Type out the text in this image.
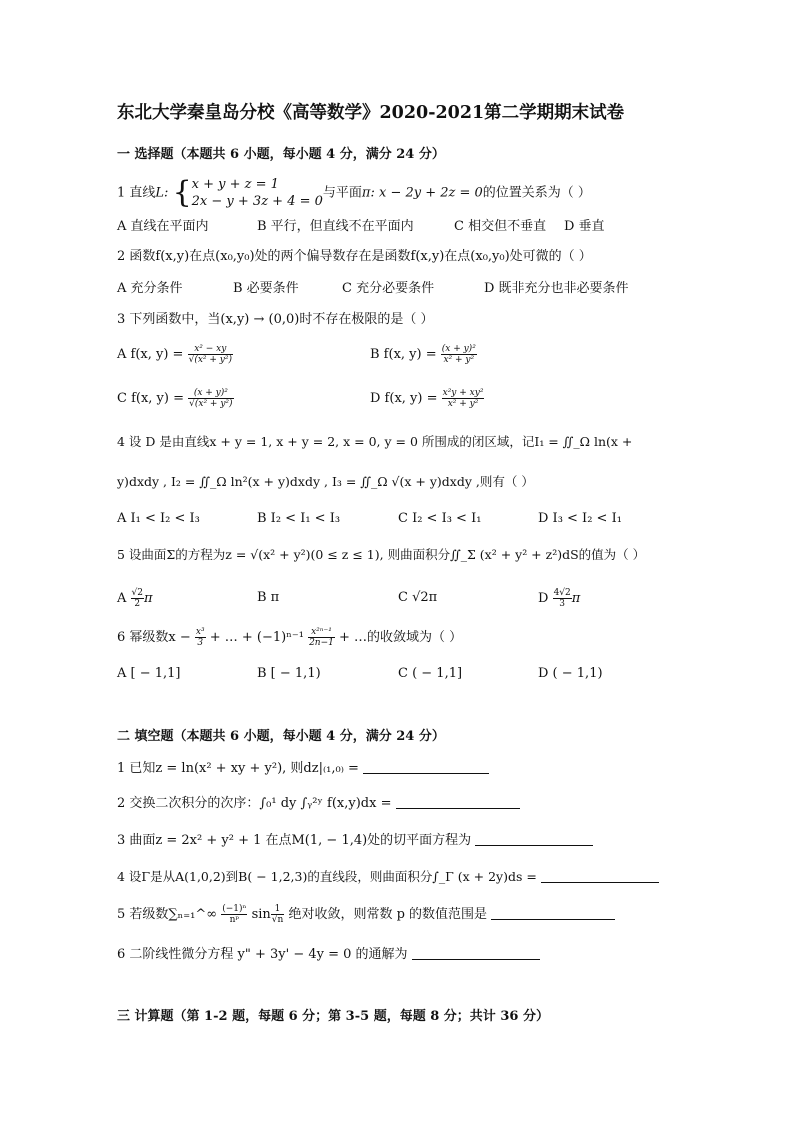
东北大学秦皇岛分校《高等数学》2020-2021第二学期期末试卷
一 选择题（本题共 6 小题，每小题 4 分，满分 24 分）
1 直线L: { x + y + z = 1
2x − y + 3z + 4 = 0
与平面π: x − 2y + 2z = 0的位置关系为（ ）
A 直线在平面内	B 平行，但直线不在平面内	C 相交但不垂直 D 垂直
2 函数f(x,y)在点(x₀,y₀)处的两个偏导数存在是函数f(x,y)在点(x₀,y₀)处可微的（ ）
A 充分条件	B 必要条件	C 充分必要条件	D 既非充分也非必要条件
3 下列函数中，当(x,y) → (0,0)时不存在极限的是（ ）
A f(x, $y) = \frac{\text{x² − xy}}{\text{√(x² + y²)}}$	B f(x, $y) = \frac{\text{(x + y)²}}{\text{x² + y²}}$
C f(x, $y) = \frac{\text{(x + y)²}}{\text{√(x² + y²)}}$	D f(x, $y) = \frac{\text{x²y + xy²}}{\text{x² + y²}}$
4 设 D 是由直线x + y = 1, x + y = 2, x = 0, y = 0 所围成的闭区域，记I₁ = ∬_Ω ln(x +
y)dxdy , I₂ = ∬_Ω ln²(x + y)dxdy , I₃ = ∬_Ω √(x + y)dxdy ,则有（ ）
A I₁ < I₂ < I₃	B I₂ < I₁ < I₃	C I₂ < I₃ < I₁	D I₃ < I₂ < I₁
5 设曲面Σ的方程为z = √(x² + y²)(0 ≤ z ≤ 1), 则曲面积分∬_Σ (x² + y² + z²)dS的值为（ ）
A $\frac{√2}{2}$ π	B π	C √2π	D $\frac{4√2}{3}$ π
6 幂级数$x - \frac{\text{x³}}{3}$ + … + $(-1)^{n-1} \frac{\text{x²ⁿ⁻¹}}{2n-1}$ + …的收敛域为（ ）
A [ − 1,1]	B [ − 1,1)	C ( − 1,1]	D ( − 1,1)
二 填空题（本题共 6 小题，每小题 4 分，满分 24 分）
1 已知z = ln(x² + xy + y²), 则dz|₍₁,₀₎ =
2 交换二次积分的次序：∫₀¹ dy ∫ᵧ²ʸ f(x,y)dx =
3 曲面z = 2x² + y² + 1 在点M(1, − 1,4)处的切平面方程为
4 设Γ是从A(1,0,2)到B( − 1,2,3)的直线段，则曲面积分∫_Γ (x + 2y)ds =
5 若级数∑ₙ₌₁^∞ $\frac{\text{(−1)ⁿ}}{\text{nᵖ}}$ $\sin \frac{1}{√n}$ 绝对收敛，则常数 p 的数值范围是
6 二阶线性微分方程 y" + 3y' − 4y = 0 的通解为
三 计算题（第 1-2 题，每题 6 分；第 3-5 题，每题 8 分；共计 36 分）
